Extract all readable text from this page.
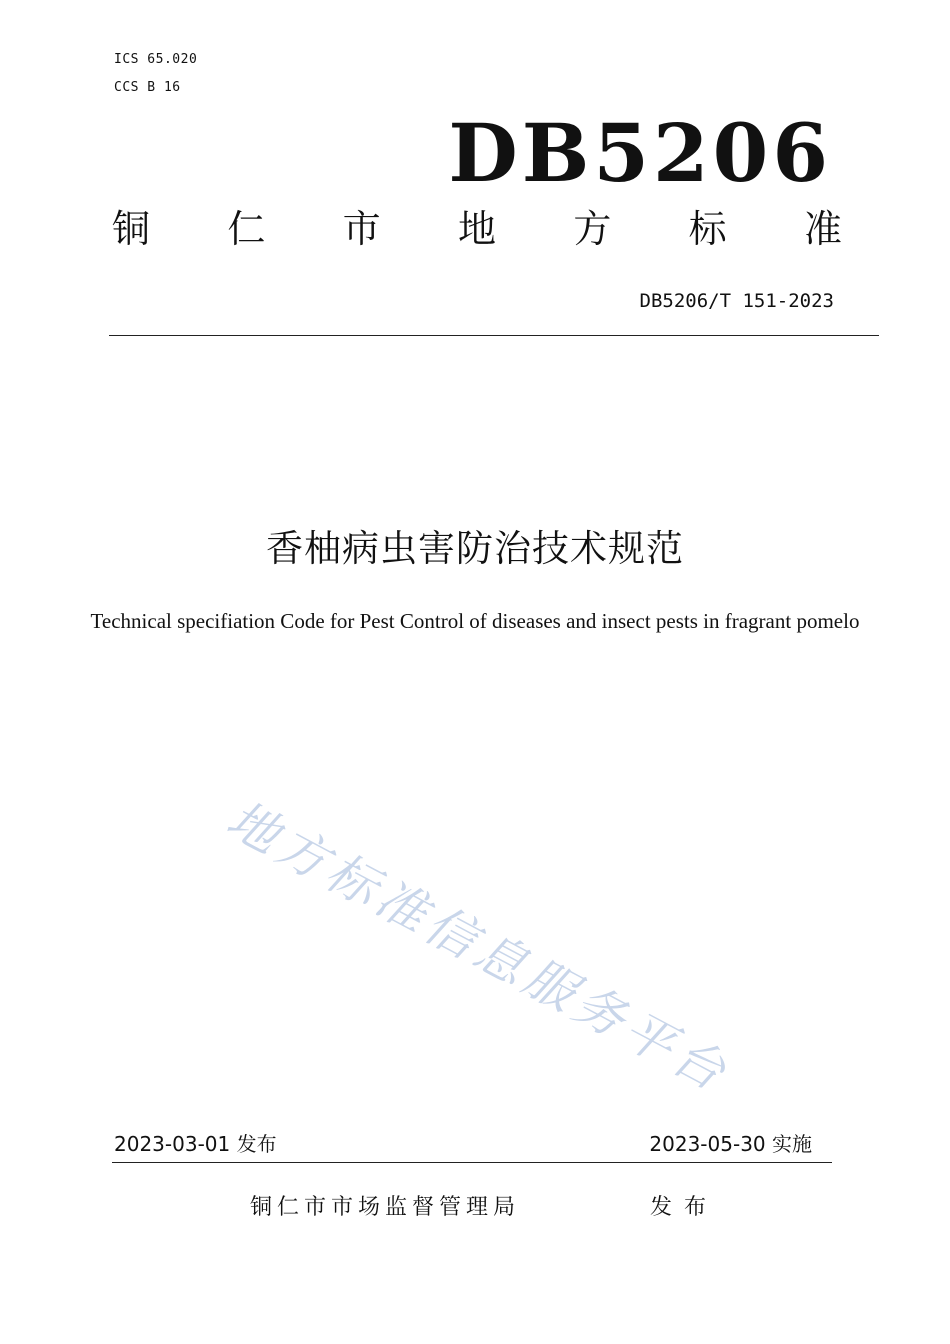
ICS 65.020
CCS B 16
DB5206
铜 仁 市 地 方 标 准
DB5206/T 151-2023
香柚病虫害防治技术规范
Technical specifiation Code for Pest Control of diseases and insect pests in fragrant pomelo
地方标准信息服务平台
2023-03-01 发布	2023-05-30 实施
铜仁市市场监督管理局	发布
